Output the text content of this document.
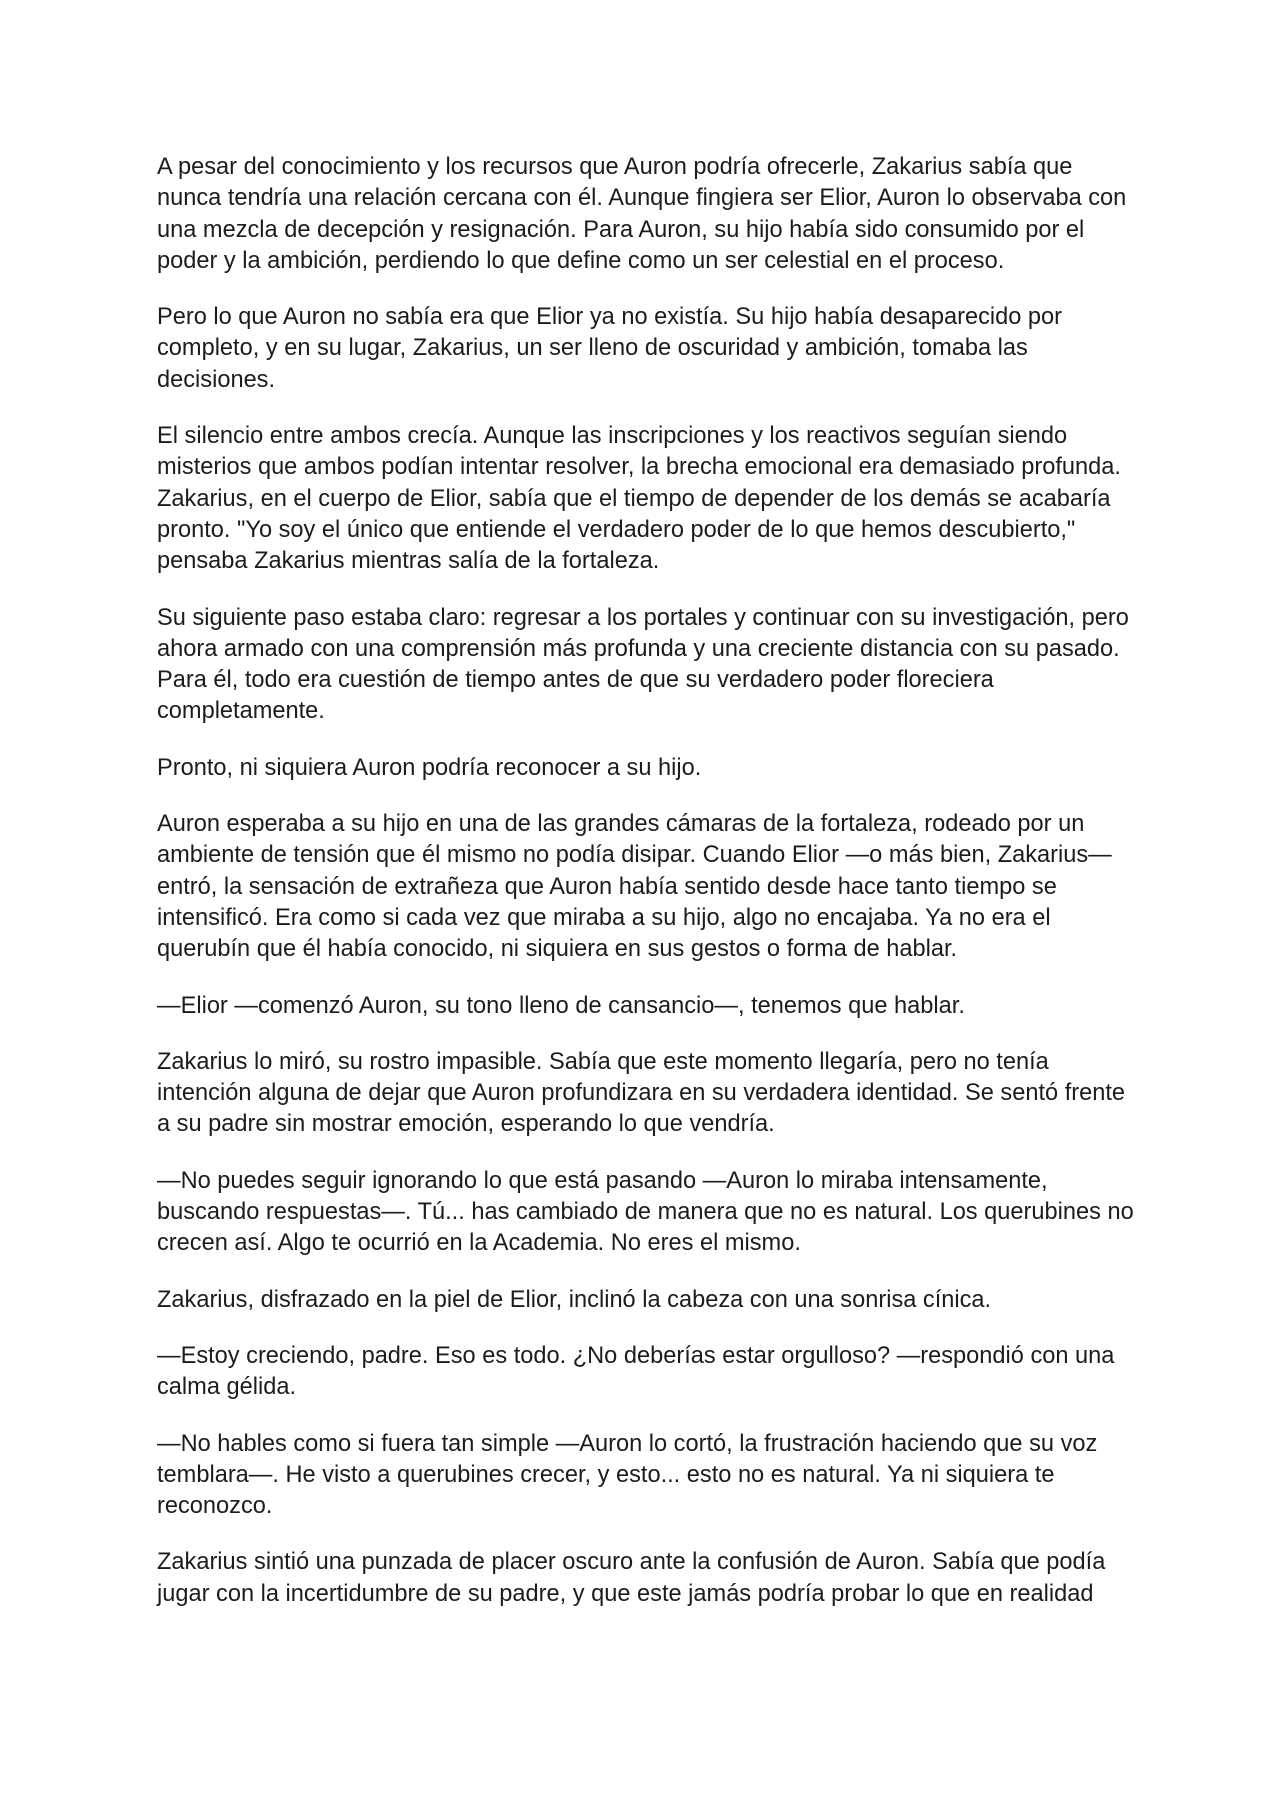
A pesar del conocimiento y los recursos que Auron podría ofrecerle, Zakarius sabía que nunca tendría una relación cercana con él. Aunque fingiera ser Elior, Auron lo observaba con una mezcla de decepción y resignación. Para Auron, su hijo había sido consumido por el poder y la ambición, perdiendo lo que define como un ser celestial en el proceso.

Pero lo que Auron no sabía era que Elior ya no existía. Su hijo había desaparecido por completo, y en su lugar, Zakarius, un ser lleno de oscuridad y ambición, tomaba las decisiones.

El silencio entre ambos crecía. Aunque las inscripciones y los reactivos seguían siendo misterios que ambos podían intentar resolver, la brecha emocional era demasiado profunda. Zakarius, en el cuerpo de Elior, sabía que el tiempo de depender de los demás se acabaría pronto. "Yo soy el único que entiende el verdadero poder de lo que hemos descubierto," pensaba Zakarius mientras salía de la fortaleza.

Su siguiente paso estaba claro: regresar a los portales y continuar con su investigación, pero ahora armado con una comprensión más profunda y una creciente distancia con su pasado. Para él, todo era cuestión de tiempo antes de que su verdadero poder floreciera completamente.

Pronto, ni siquiera Auron podría reconocer a su hijo.

Auron esperaba a su hijo en una de las grandes cámaras de la fortaleza, rodeado por un ambiente de tensión que él mismo no podía disipar. Cuando Elior —o más bien, Zakarius— entró, la sensación de extrañeza que Auron había sentido desde hace tanto tiempo se intensificó. Era como si cada vez que miraba a su hijo, algo no encajaba. Ya no era el querubín que él había conocido, ni siquiera en sus gestos o forma de hablar.

—Elior —comenzó Auron, su tono lleno de cansancio—, tenemos que hablar.

Zakarius lo miró, su rostro impasible. Sabía que este momento llegaría, pero no tenía intención alguna de dejar que Auron profundizara en su verdadera identidad. Se sentó frente a su padre sin mostrar emoción, esperando lo que vendría.

—No puedes seguir ignorando lo que está pasando —Auron lo miraba intensamente, buscando respuestas—. Tú... has cambiado de manera que no es natural. Los querubines no crecen así. Algo te ocurrió en la Academia. No eres el mismo.

Zakarius, disfrazado en la piel de Elior, inclinó la cabeza con una sonrisa cínica.

—Estoy creciendo, padre. Eso es todo. ¿No deberías estar orgulloso? —respondió con una calma gélida.

—No hables como si fuera tan simple —Auron lo cortó, la frustración haciendo que su voz temblara—. He visto a querubines crecer, y esto... esto no es natural. Ya ni siquiera te reconozco.

Zakarius sintió una punzada de placer oscuro ante la confusión de Auron. Sabía que podía jugar con la incertidumbre de su padre, y que este jamás podría probar lo que en realidad
